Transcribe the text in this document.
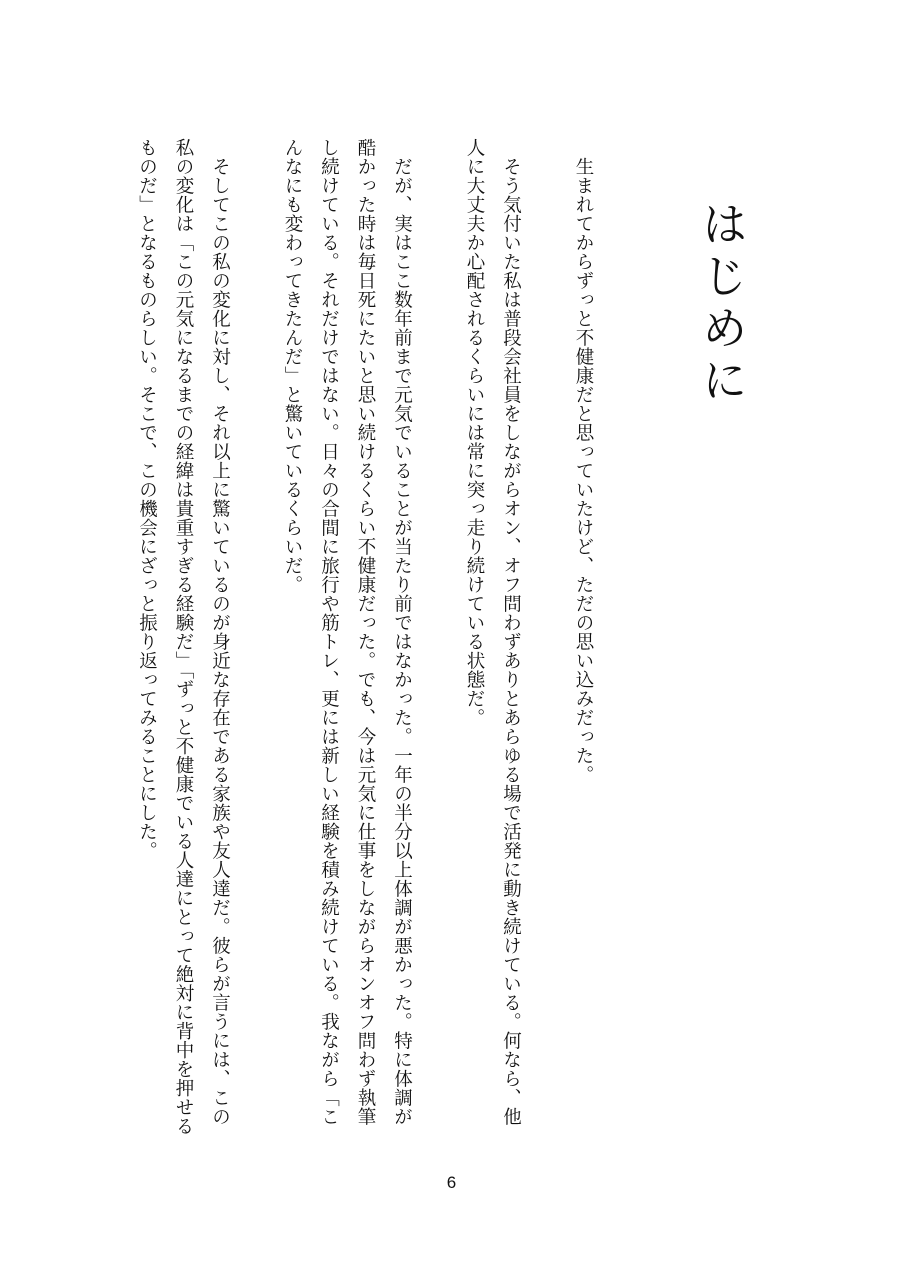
はじめに

生まれてからずっと不健康だと思っていたけど、ただの思い込みだった。

そう気付いた私は普段会社員をしながらオン、オフ問わずありとあらゆる場で活発に動き続けている。何なら、他人に大丈夫か心配されるくらいには常に突っ走り続けている状態だ。

だが、実はここ数年前まで元気でいることが当たり前ではなかった。一年の半分以上体調が悪かった。特に体調が酷かった時は毎日死にたいと思い続けるくらい不健康だった。でも、今は元気に仕事をしながらオンオフ問わず執筆し続けている。それだけではない。日々の合間に旅行や筋トレ、更には新しい経験を積み続けている。我ながら「こんなにも変わってきたんだ」と驚いているくらいだ。

そしてこの私の変化に対し、それ以上に驚いているのが身近な存在である家族や友人達だ。彼らが言うには、この私の変化は「この元気になるまでの経緯は貴重すぎる経験だ」「ずっと不健康でいる人達にとって絶対に背中を押せるものだ」となるものらしい。そこで、この機会にざっと振り返ってみることにした。

6
